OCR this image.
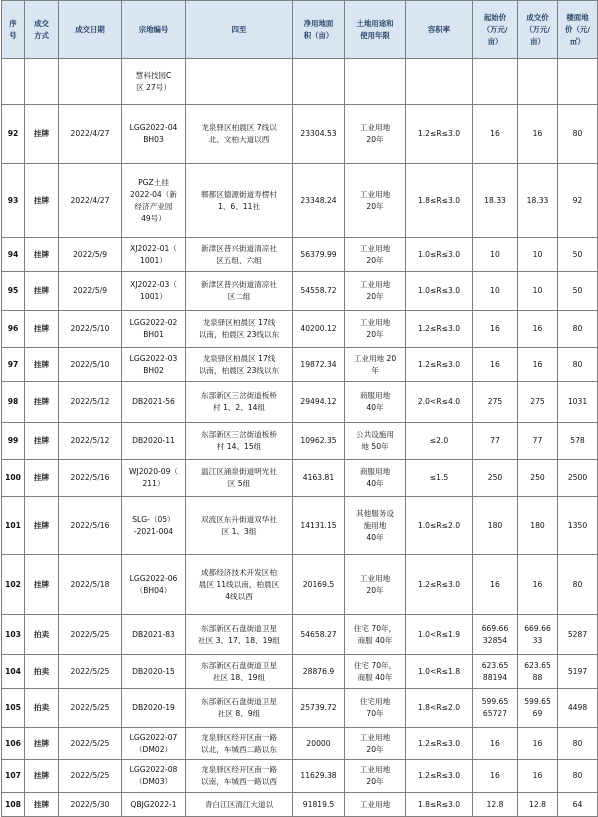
序
号	成交
方式	成交日期	宗地编号	四至	净用地面
积（亩）	土地用途和
使用年限	容积率	起始价
（万元/
亩）	成交价
（万元/
亩）	楼面地
价（元/
㎡）
			慧科技园C
区 27号）							
92	挂牌	2022/4/27	LGG2022-04
BH03	龙泉驿区柏晨区 7线以
北、文柏大道以西	23304.53	工业用地
20年	1.2≤R≤3.0	16	16	80
93	挂牌	2022/4/27	PGZ土挂
2022-04（新
经济产业园
49号）	郫都区德源街道寿楞村
1、6、11社	23348.24	工业用地
20年	1.8≤R≤3.0	18.33	18.33	92
94	挂牌	2022/5/9	XJ2022-01（
1001）	新津区普兴街道清凉社
区五组、六组	56379.99	工业用地
20年	1.0≤R≤3.0	10	10	50
95	挂牌	2022/5/9	XJ2022-03（
1001）	新津区普兴街道清凉社
区二组	54558.72	工业用地
20年	1.0≤R≤3.0	10	10	50
96	挂牌	2022/5/10	LGG2022-02
BH01	龙泉驿区柏晨区 17线
以南，柏晨区 23线以东	40200.12	工业用地
20年	1.2≤R≤3.0	16	16	80
97	挂牌	2022/5/10	LGG2022-03
BH02	龙泉驿区柏晨区 17线
以南，柏晨区 23线以东	19872.34	工业用地 20
年	1.2≤R≤3.0	16	16	80
98	挂牌	2022/5/12	DB2021-56	东部新区三岔街道板桥
村 1、2、14组	29494.12	商服用地
40年	2.0<R≤4.0	275	275	1031
99	挂牌	2022/5/12	DB2020-11	东部新区三岔街道板桥
村 14、15组	10962.35	公共设施用
地 50年	≤2.0	77	77	578
100	挂牌	2022/5/16	WJ2020-09（
211）	温江区涌泉街道明光社
区 5组	4163.81	商服用地
40年	≤1.5	250	250	2500
101	挂牌	2022/5/16	SLG-（05）
-2021-004	双流区东升街道双华社
区 1、3组	14131.15	其他服务设
施用地
40年	1.0≤R≤2.0	180	180	1350
102	挂牌	2022/5/18	LGG2022-06
（BH04）	成都经济技术开发区柏
晨区 11线以南，柏晨区
4线以西	20169.5	工业用地
20年	1.2≤R≤3.0	16	16	80
103	拍卖	2022/5/25	DB2021-83	东部新区石盘街道卫星
社区 3、17、18、19组	54658.27	住宅 70年，
商服 40年	1.0<R≤1.9	669.66
32854	669.66
33	5287
104	拍卖	2022/5/25	DB2020-15	东部新区石盘街道卫星
社区 18、19组	28876.9	住宅 70年，
商服 40年	1.0<R≤1.8	623.65
88194	623.65
88	5197
105	拍卖	2022/5/25	DB2020-19	东部新区石盘街道卫星
社区 8、9组	25739.72	住宅用地
70年	1.8<R≤2.0	599.65
65727	599.65
69	4498
106	挂牌	2022/5/25	LGG2022-07
（DM02）	龙泉驿区经开区南一路
以北，车城西二路以东	20000	工业用地
20年	1.2≤R≤3.0	16	16	80
107	挂牌	2022/5/25	LGG2022-08
（DM03）	龙泉驿区经开区南一路
以南，车城西一路以西	11629.38	工业用地
20年	1.2≤R≤3.0	16	16	80
108	挂牌	2022/5/30	QBJG2022-1	青白江区清江大道以	91819.5	工业用地	1.8≤R≤3.0	12.8	12.8	64
